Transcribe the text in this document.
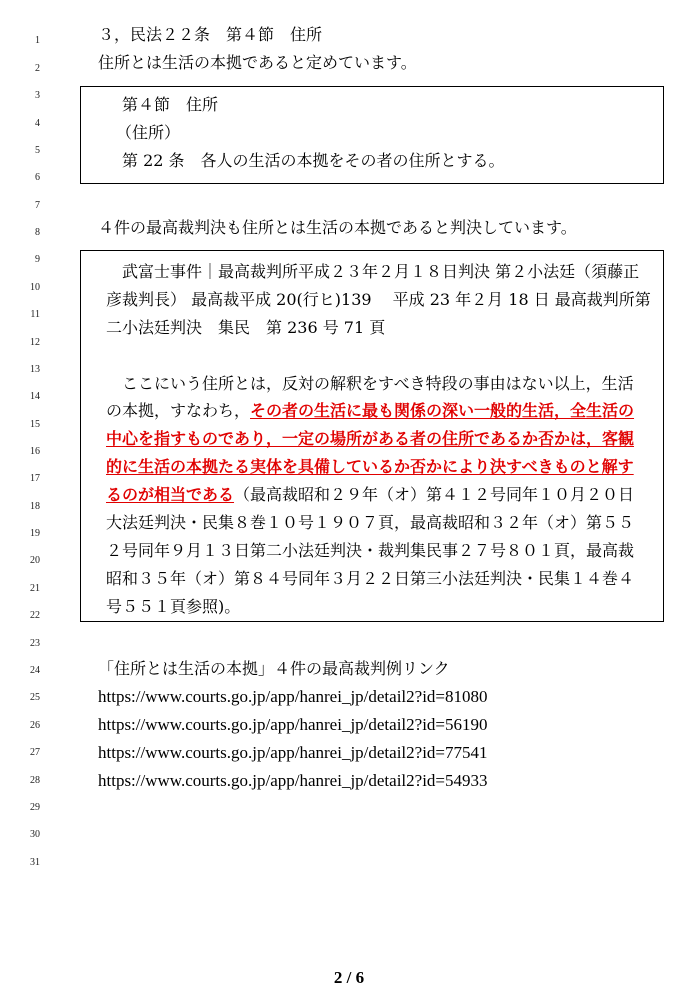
1
2
3
4
5
6
7
8
9
10
11
12
13
14
15
16
17
18
19
20
21
22
23
24
25
26
27
28
29
30
31
３，民法２２条　第４節　住所
住所とは生活の本拠であると定めています。
第４節　住所
（住所）
第 22 条　各人の生活の本拠をその者の住所とする。
４件の最高裁判決も住所とは生活の本拠であると判決しています。
武富士事件｜最高裁判所平成２３年２月１８日判決 第２小法廷（須藤正
彦裁判長） 最高裁平成 20(行ヒ)139　 平成 23 年２月 18 日 最高裁判所第
二小法廷判決　集民　第 236 号 71 頁
ここにいう住所とは，反対の解釈をすべき特段の事由はない以上，生活
の本拠，すなわち，その者の生活に最も関係の深い一般的生活，全生活の
中心を指すものであり，一定の場所がある者の住所であるか否かは，客観
的に生活の本拠たる実体を具備しているか否かにより決すべきものと解す
るのが相当である（最高裁昭和２９年（オ）第４１２号同年１０月２０日
大法廷判決・民集８巻１０号１９０７頁，最高裁昭和３２年（オ）第５５
２号同年９月１３日第二小法廷判決・裁判集民事２７号８０１頁，最高裁
昭和３５年（オ）第８４号同年３月２２日第三小法廷判決・民集１４巻４
号５５１頁参照)。
「住所とは生活の本拠」４件の最高裁判例リンク
https://www.courts.go.jp/app/hanrei_jp/detail2?id=81080
https://www.courts.go.jp/app/hanrei_jp/detail2?id=56190
https://www.courts.go.jp/app/hanrei_jp/detail2?id=77541
https://www.courts.go.jp/app/hanrei_jp/detail2?id=54933
2 / 6
